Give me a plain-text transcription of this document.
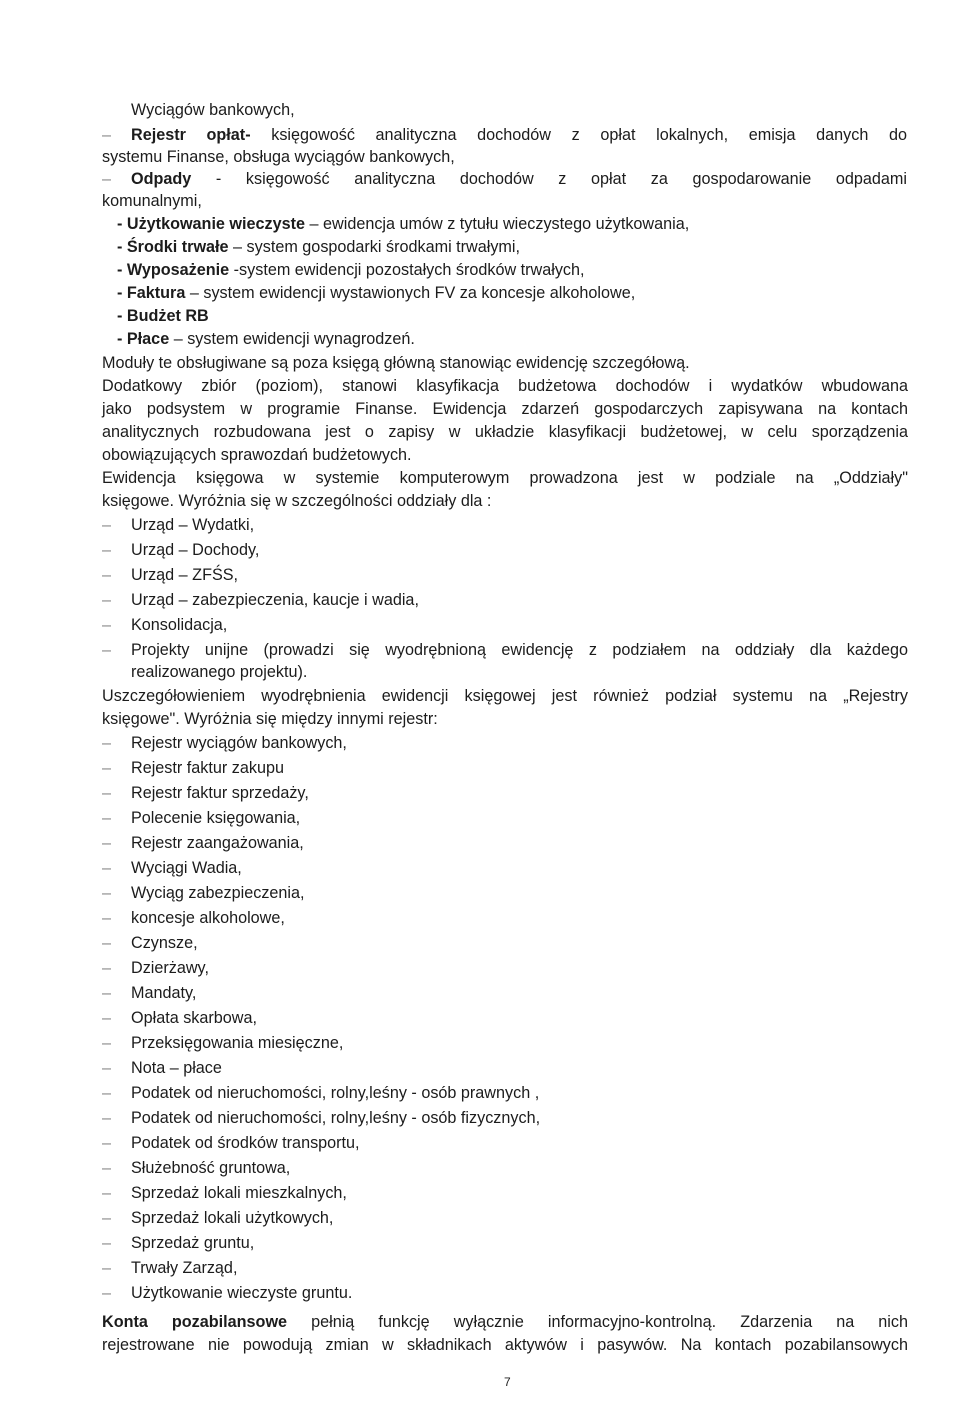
Wyciągów bankowych,
– Rejestr opłat- księgowość analityczna dochodów z opłat lokalnych, emisja danych do
systemu Finanse, obsługa wyciągów bankowych,
– Odpady - księgowość analityczna dochodów z opłat za gospodarowanie odpadami
komunalnymi,
- Użytkowanie wieczyste – ewidencja umów z tytułu wieczystego użytkowania,
- Środki trwałe – system gospodarki środkami trwałymi,
- Wyposażenie -system ewidencji pozostałych środków trwałych,
- Faktura – system ewidencji wystawionych FV za koncesje alkoholowe,
- Budżet RB
- Płace – system ewidencji wynagrodzeń.
Moduły te obsługiwane są poza księgą główną stanowiąc ewidencję szczegółową.
Dodatkowy zbiór (poziom), stanowi klasyfikacja budżetowa dochodów i wydatków wbudowana
jako podsystem w programie Finanse. Ewidencja zdarzeń gospodarczych zapisywana na kontach
analitycznych rozbudowana jest o zapisy w układzie klasyfikacji budżetowej, w celu sporządzenia
obowiązujących sprawozdań budżetowych.
Ewidencja księgowa w systemie komputerowym prowadzona jest w podziale na „Oddziały"
księgowe. Wyróżnia się w szczególności oddziały dla :
– Urząd – Wydatki,
– Urząd – Dochody,
– Urząd – ZFŚS,
– Urząd – zabezpieczenia, kaucje i wadia,
– Konsolidacja,
– Projekty unijne (prowadzi się wyodrębnioną ewidencję z podziałem na oddziały dla każdego
realizowanego projektu).
Uszczegółowieniem wyodrębnienia ewidencji księgowej jest również podział systemu na „Rejestry
księgowe". Wyróżnia się między innymi rejestr:
– Rejestr wyciągów bankowych,
– Rejestr faktur zakupu
– Rejestr faktur sprzedaży,
– Polecenie księgowania,
– Rejestr zaangażowania,
– Wyciągi Wadia,
– Wyciąg zabezpieczenia,
– koncesje alkoholowe,
– Czynsze,
– Dzierżawy,
– Mandaty,
– Opłata skarbowa,
– Przeksięgowania miesięczne,
– Nota – płace
– Podatek od nieruchomości, rolny,leśny - osób prawnych ,
– Podatek od nieruchomości, rolny,leśny - osób fizycznych,
– Podatek od środków transportu,
– Służebność gruntowa,
– Sprzedaż lokali mieszkalnych,
– Sprzedaż lokali użytkowych,
– Sprzedaż gruntu,
– Trwały Zarząd,
– Użytkowanie wieczyste gruntu.
Konta pozabilansowe pełnią funkcję wyłącznie informacyjno-kontrolną. Zdarzenia na nich
rejestrowane nie powodują zmian w składnikach aktywów i pasywów. Na kontach pozabilansowych
7
